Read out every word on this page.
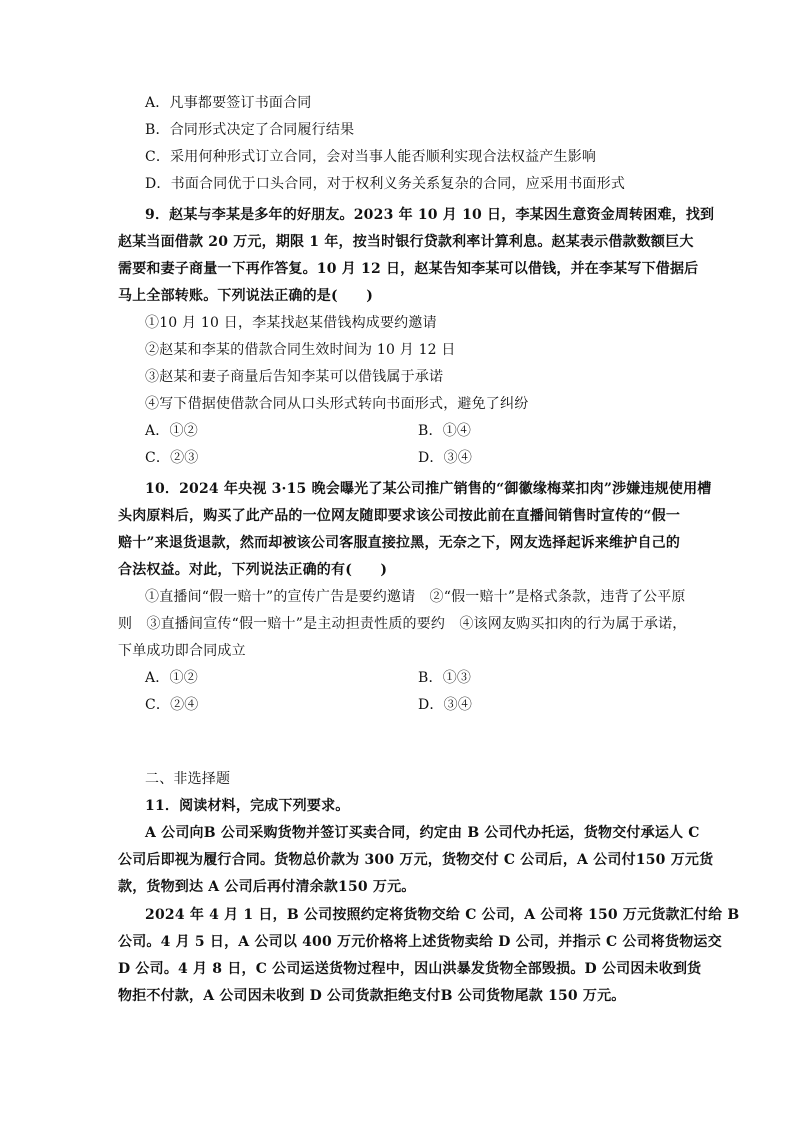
A．凡事都要签订书面合同
B．合同形式决定了合同履行结果
C．采用何种形式订立合同，会对当事人能否顺利实现合法权益产生影响
D．书面合同优于口头合同，对于权利义务关系复杂的合同，应采用书面形式
9．赵某与李某是多年的好朋友。2023 年 10 月 10 日，李某因生意资金周转困难，找到
赵某当面借款 20 万元，期限 1 年，按当时银行贷款利率计算利息。赵某表示借款数额巨大
需要和妻子商量一下再作答复。10 月 12 日，赵某告知李某可以借钱，并在李某写下借据后
马上全部转账。下列说法正确的是(　　)
①10 月 10 日，李某找赵某借钱构成要约邀请
②赵某和李某的借款合同生效时间为 10 月 12 日
③赵某和妻子商量后告知李某可以借钱属于承诺
④写下借据使借款合同从口头形式转向书面形式，避免了纠纷
A．①②	B．①④
C．②③	D．③④
10．2024 年央视 3·15 晚会曝光了某公司推广销售的“御徽缘梅菜扣肉”涉嫌违规使用槽
头肉原料后，购买了此产品的一位网友随即要求该公司按此前在直播间销售时宣传的“假一
赔十”来退货退款，然而却被该公司客服直接拉黑，无奈之下，网友选择起诉来维护自己的
合法权益。对此，下列说法正确的有(　　)
①直播间“假一赔十”的宣传广告是要约邀请　②“假一赔十”是格式条款，违背了公平原
则　③直播间宣传“假一赔十”是主动担责性质的要约　④该网友购买扣肉的行为属于承诺，
下单成功即合同成立
A．①②	B．①③
C．②④	D．③④
二、非选择题
11．阅读材料，完成下列要求。
A 公司向B 公司采购货物并签订买卖合同，约定由 B 公司代办托运，货物交付承运人 C
公司后即视为履行合同。货物总价款为 300 万元，货物交付 C 公司后，A 公司付150 万元货
款，货物到达 A 公司后再付清余款150 万元。
2024 年 4 月 1 日，B 公司按照约定将货物交给 C 公司，A 公司将 150 万元货款汇付给 B
公司。4 月 5 日，A 公司以 400 万元价格将上述货物卖给 D 公司，并指示 C 公司将货物运交
D 公司。4 月 8 日，C 公司运送货物过程中，因山洪暴发货物全部毁损。D 公司因未收到货
物拒不付款，A 公司因未收到 D 公司货款拒绝支付B 公司货物尾款 150 万元。
